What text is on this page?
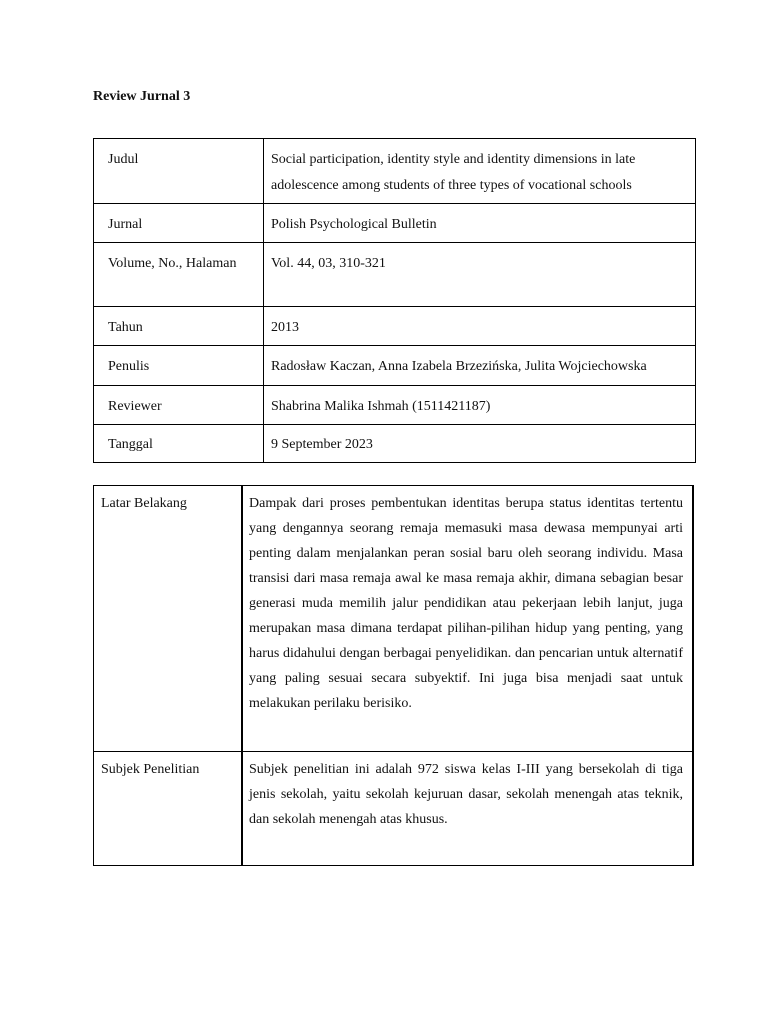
Review Jurnal 3
Judul	Social participation, identity style and identity dimensions in late adolescence among students of three types of vocational schools
Jurnal	Polish Psychological Bulletin
Volume, No., Halaman	Vol. 44, 03, 310-321
Tahun	2013
Penulis	Radosław Kaczan, Anna Izabela Brzezińska, Julita Wojciechowska
Reviewer	Shabrina Malika Ishmah (1511421187)
Tanggal	9 September 2023
Latar Belakang	Dampak dari proses pembentukan identitas berupa status identitas tertentu yang dengannya seorang remaja memasuki masa dewasa mempunyai arti penting dalam menjalankan peran sosial baru oleh seorang individu. Masa transisi dari masa remaja awal ke masa remaja akhir, dimana sebagian besar generasi muda memilih jalur pendidikan atau pekerjaan lebih lanjut, juga merupakan masa dimana terdapat pilihan-pilihan hidup yang penting, yang harus didahului dengan berbagai penyelidikan. dan pencarian untuk alternatif yang paling sesuai secara subyektif. Ini juga bisa menjadi saat untuk melakukan perilaku berisiko.
Subjek Penelitian	Subjek penelitian ini adalah 972 siswa kelas I-III yang bersekolah di tiga jenis sekolah, yaitu sekolah kejuruan dasar, sekolah menengah atas teknik, dan sekolah menengah atas khusus.
